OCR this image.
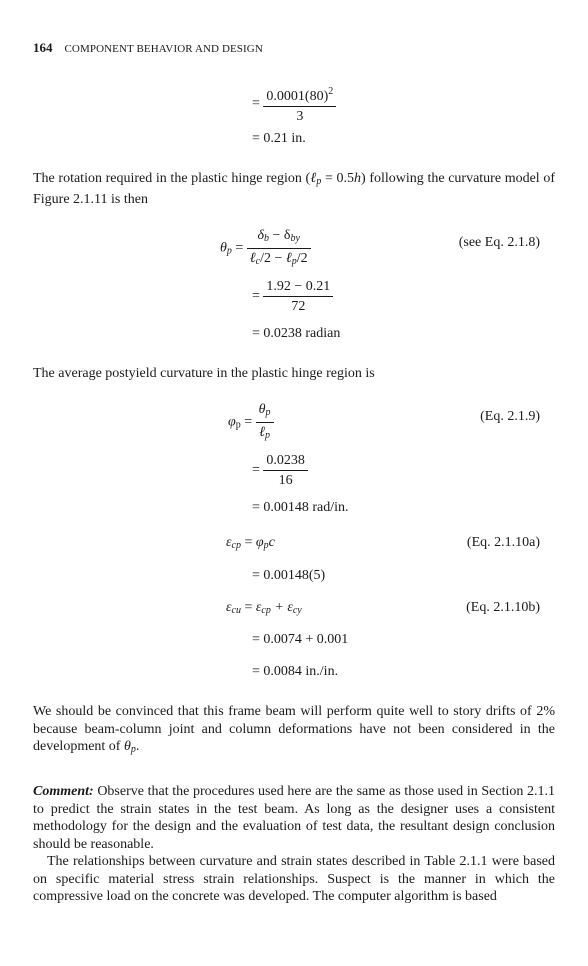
164 COMPONENT BEHAVIOR AND DESIGN
= $\frac{0.0001(80)^2}{3}$
= 0.21 in.
The rotation required in the plastic hinge region (ℓ$_p$ = 0.5h) following the curvature model of Figure 2.1.11 is then
$\theta_p = \frac{\delta_b - \delta_{by}}{\ell_c/2 - \ell_p/2}$	(see Eq. 2.1.8)
= $\frac{1.92 - 0.21}{72}$
= 0.0238 radian
The average postyield curvature in the plastic hinge region is
$\varphi_p = \frac{\theta_p}{\ell_p}$	(Eq. 2.1.9)
= $\frac{0.0238}{16}$
= 0.00148 rad/in.
$\varepsilon_{cp} = \varphi_pc$	(Eq. 2.1.10a)
= 0.00148(5)
$\varepsilon_{cu} = \varepsilon_{cp} + \varepsilon_{cy}$	(Eq. 2.1.10b)
= 0.0074 + 0.001
= 0.0084 in./in.
We should be convinced that this frame beam will perform quite well to story drifts of 2% because beam-column joint and column deformations have not been considered in the development of $\theta_p$.
Comment: Observe that the procedures used here are the same as those used in Section 2.1.1 to predict the strain states in the test beam. As long as the designer uses a consistent methodology for the design and the evaluation of test data, the resultant design conclusion should be reasonable.
The relationships between curvature and strain states described in Table 2.1.1 were based on specific material stress strain relationships. Suspect is the manner in which the compressive load on the concrete was developed. The computer algorithm is based
